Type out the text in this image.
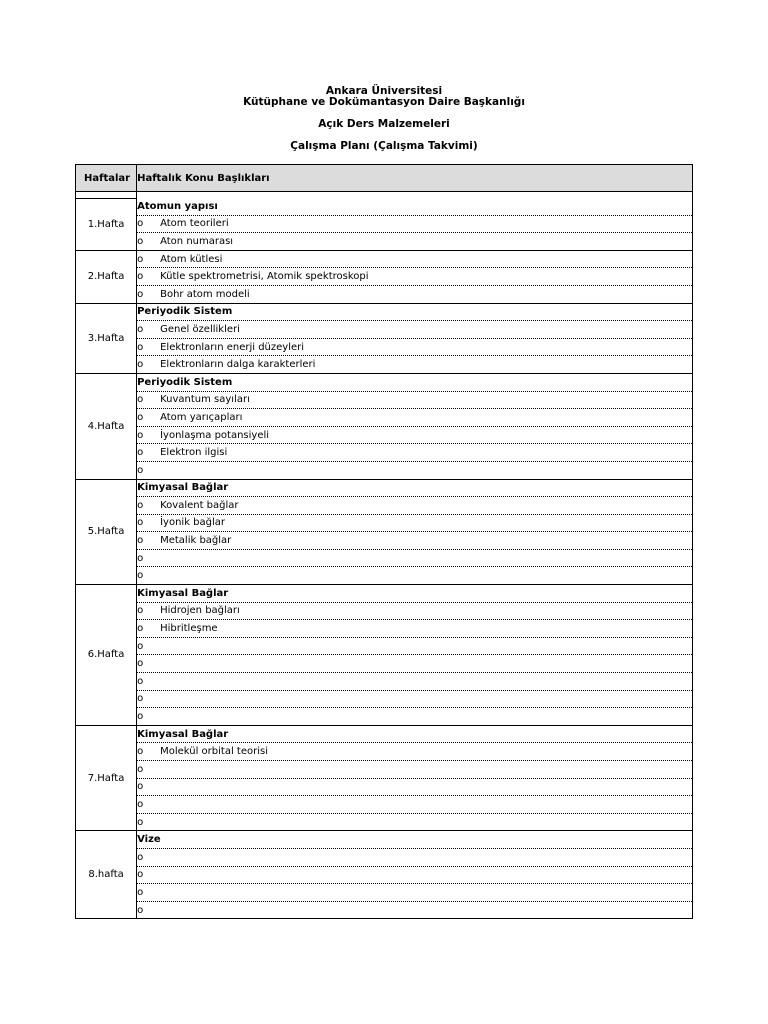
Ankara Üniversitesi
Kütüphane ve Dokümantasyon Daire Başkanlığı
Açık Ders Malzemeleri
Çalışma Planı (Çalışma Takvimi)
Haftalar	Haftalık Konu Başlıkları

1.Hafta	Atomun yapısı
	o Atom teorileri
	o Aton numarası
2.Hafta	o Atom kütlesi
	o Kütle spektrometrisi, Atomik spektroskopi
	o Bohr atom modeli
3.Hafta	Periyodik Sistem
	o Genel özellikleri
	o Elektronların enerji düzeyleri
	o Elektronların dalga karakterleri
4.Hafta	Periyodik Sistem
	o Kuvantum sayıları
	o Atom yarıçapları
	o İyonlaşma potansiyeli
	o Elektron ilgisi
	o
5.Hafta	Kimyasal Bağlar
	o Kovalent bağlar
	o İyonik bağlar
	o Metalik bağlar
	o
	o
6.Hafta	Kimyasal Bağlar
	o Hidrojen bağları
	o Hibritleşme
	o
	o
	o
	o
	o
7.Hafta	Kimyasal Bağlar
	o Molekül orbital teorisi
	o
	o
	o
	o
8.hafta	Vize
	o
	o
	o
	o
